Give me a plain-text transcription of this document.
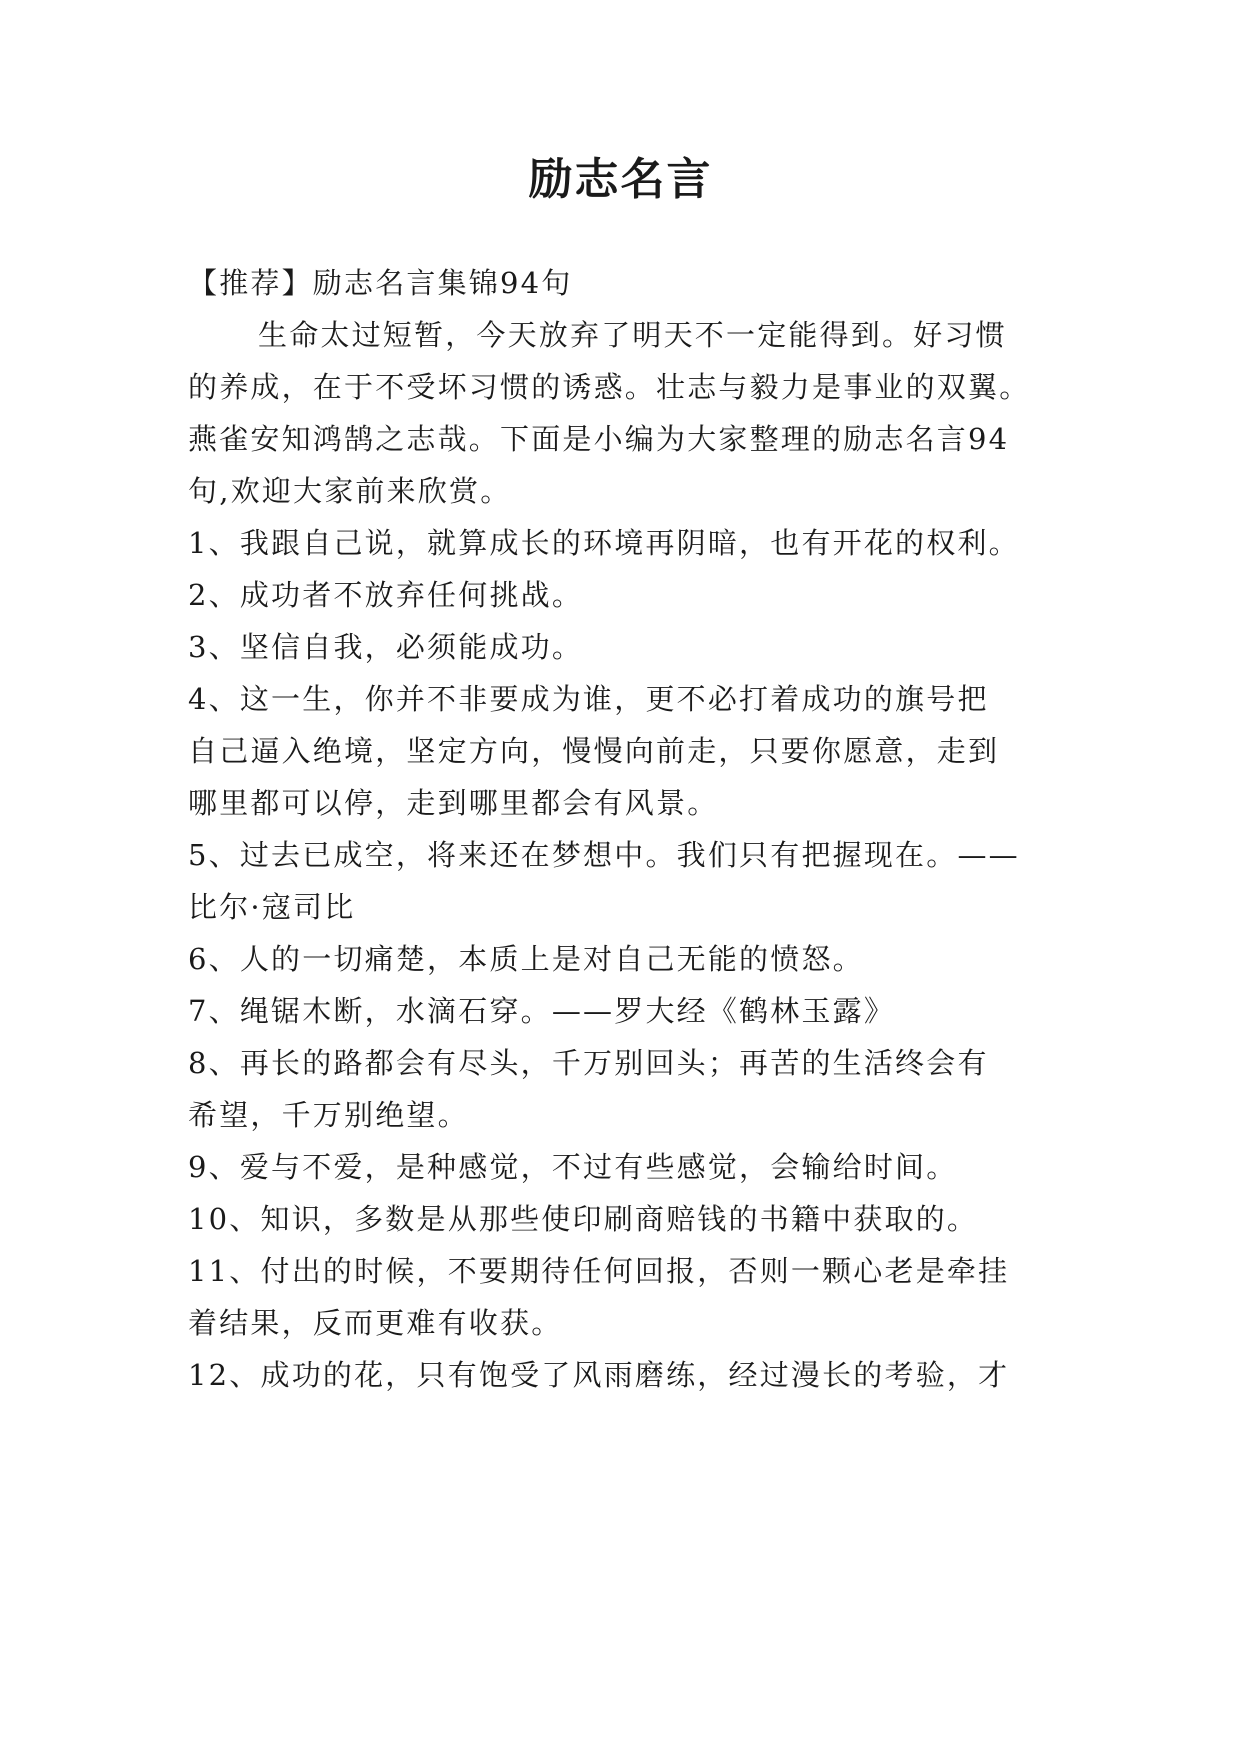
励志名言

【推荐】励志名言集锦94句

生命太过短暂，今天放弃了明天不一定能得到。好习惯

的养成，在于不受坏习惯的诱惑。壮志与毅力是事业的双翼。

燕雀安知鸿鹄之志哉。下面是小编为大家整理的励志名言94

句,欢迎大家前来欣赏。

1、我跟自己说，就算成长的环境再阴暗，也有开花的权利。

2、成功者不放弃任何挑战。

3、坚信自我，必须能成功。

4、这一生，你并不非要成为谁，更不必打着成功的旗号把

自己逼入绝境，坚定方向，慢慢向前走，只要你愿意，走到

哪里都可以停，走到哪里都会有风景。

5、过去已成空，将来还在梦想中。我们只有把握现在。——

比尔·寇司比

6、人的一切痛楚，本质上是对自己无能的愤怒。

7、绳锯木断，水滴石穿。——罗大经《鹤林玉露》

8、再长的路都会有尽头，千万别回头；再苦的生活终会有

希望，千万别绝望。

9、爱与不爱，是种感觉，不过有些感觉，会输给时间。

10、知识，多数是从那些使印刷商赔钱的书籍中获取的。

11、付出的时候，不要期待任何回报，否则一颗心老是牵挂

着结果，反而更难有收获。

12、成功的花，只有饱受了风雨磨练，经过漫长的考验，才
